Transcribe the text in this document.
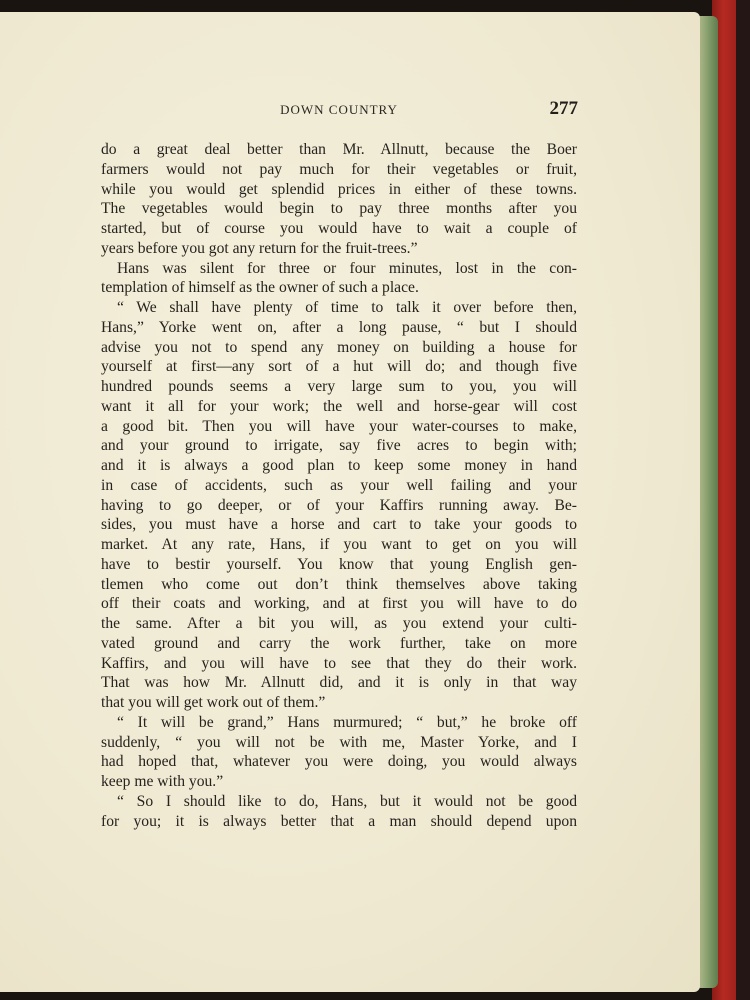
DOWN COUNTRY	277
do a great deal better than Mr. Allnutt, because the Boer
farmers would not pay much for their vegetables or fruit,
while you would get splendid prices in either of these towns.
The vegetables would begin to pay three months after you
started, but of course you would have to wait a couple of
years before you got any return for the fruit-trees.”
Hans was silent for three or four minutes, lost in the con-
templation of himself as the owner of such a place.
“ We shall have plenty of time to talk it over before then,
Hans,” Yorke went on, after a long pause, “ but I should
advise you not to spend any money on building a house for
yourself at first—any sort of a hut will do; and though five
hundred pounds seems a very large sum to you, you will
want it all for your work; the well and horse-gear will cost
a good bit. Then you will have your water-courses to make,
and your ground to irrigate, say five acres to begin with;
and it is always a good plan to keep some money in hand
in case of accidents, such as your well failing and your
having to go deeper, or of your Kaffirs running away. Be-
sides, you must have a horse and cart to take your goods to
market. At any rate, Hans, if you want to get on you will
have to bestir yourself. You know that young English gen-
tlemen who come out don’t think themselves above taking
off their coats and working, and at first you will have to do
the same. After a bit you will, as you extend your culti-
vated ground and carry the work further, take on more
Kaffirs, and you will have to see that they do their work.
That was how Mr. Allnutt did, and it is only in that way
that you will get work out of them.”
“ It will be grand,” Hans murmured; “ but,” he broke off
suddenly, “ you will not be with me, Master Yorke, and I
had hoped that, whatever you were doing, you would always
keep me with you.”
“ So I should like to do, Hans, but it would not be good
for you; it is always better that a man should depend upon
